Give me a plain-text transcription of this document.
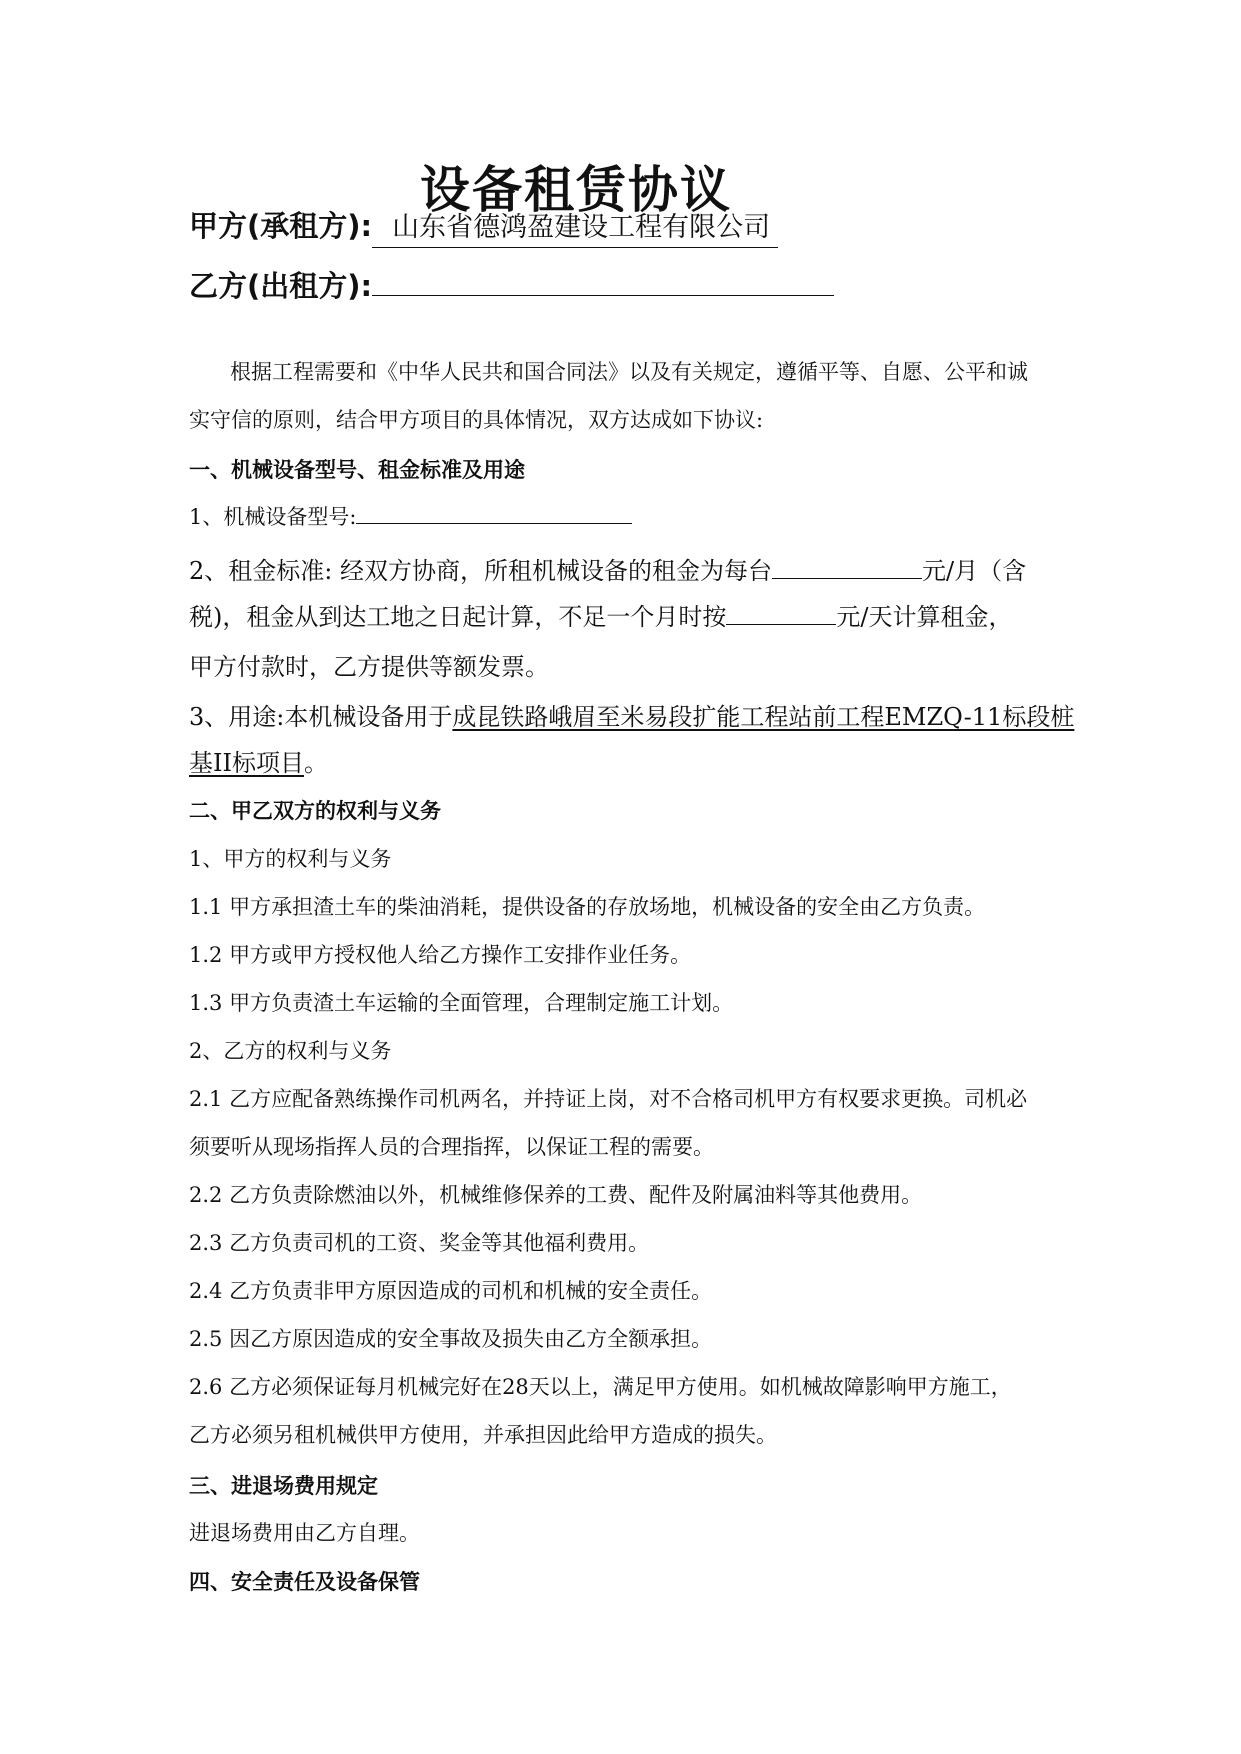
设备租赁协议
甲方(承租方): 山东省德鸿盈建设工程有限公司
乙方(出租方):
根据工程需要和《中华人民共和国合同法》以及有关规定，遵循平等、自愿、公平和诚
实守信的原则，结合甲方项目的具体情况，双方达成如下协议:
一、机械设备型号、租金标准及用途
1、机械设备型号:
2、租金标准: 经双方协商，所租机械设备的租金为每台	元/月（含
税)，租金从到达工地之日起计算，不足一个月时按	元/天计算租金，
甲方付款时，乙方提供等额发票。
3、用途:本机械设备用于成昆铁路峨眉至米易段扩能工程站前工程EMZQ-11标段桩
基II标项目。
二、甲乙双方的权利与义务
1、甲方的权利与义务
1.1 甲方承担渣土车的柴油消耗，提供设备的存放场地，机械设备的安全由乙方负责。
1.2 甲方或甲方授权他人给乙方操作工安排作业任务。
1.3 甲方负责渣土车运输的全面管理，合理制定施工计划。
2、乙方的权利与义务
2.1 乙方应配备熟练操作司机两名，并持证上岗，对不合格司机甲方有权要求更换。司机必
须要听从现场指挥人员的合理指挥，以保证工程的需要。
2.2 乙方负责除燃油以外，机械维修保养的工费、配件及附属油料等其他费用。
2.3 乙方负责司机的工资、奖金等其他福利费用。
2.4 乙方负责非甲方原因造成的司机和机械的安全责任。
2.5 因乙方原因造成的安全事故及损失由乙方全额承担。
2.6 乙方必须保证每月机械完好在28天以上，满足甲方使用。如机械故障影响甲方施工，
乙方必须另租机械供甲方使用，并承担因此给甲方造成的损失。
三、进退场费用规定
进退场费用由乙方自理。
四、安全责任及设备保管
